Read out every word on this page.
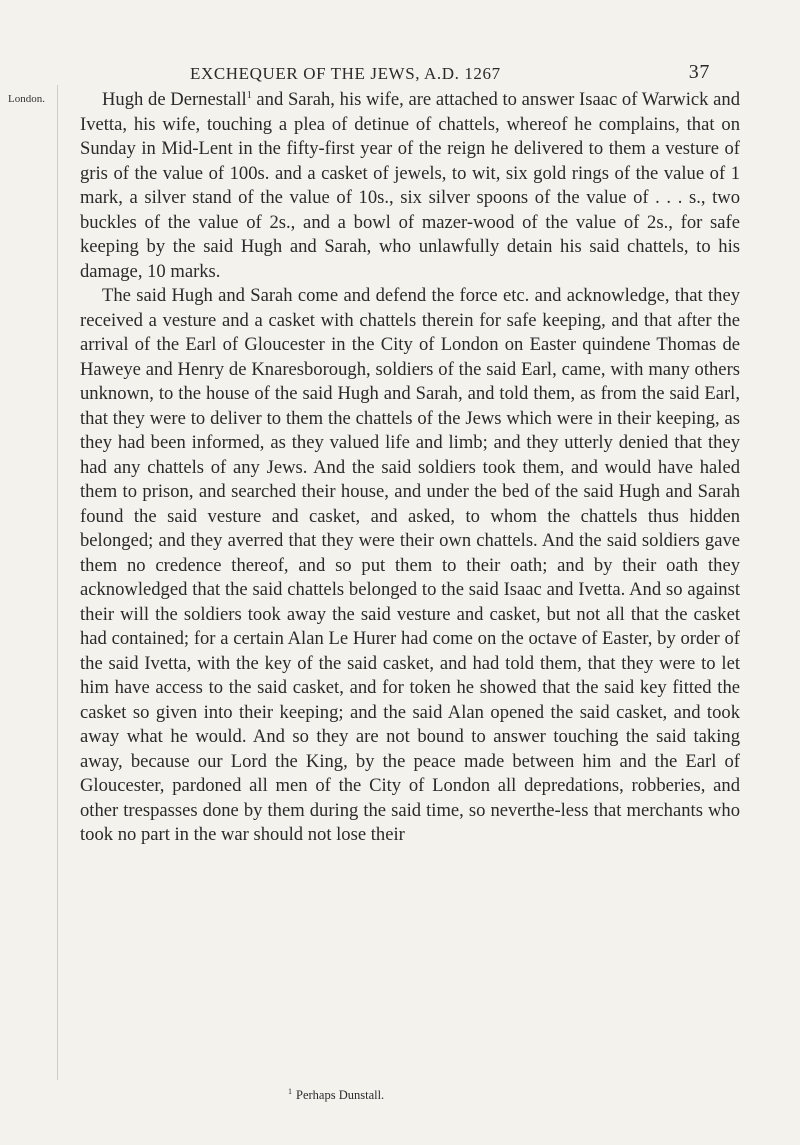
EXCHEQUER OF THE JEWS, A.D. 1267	37
London.	Hugh de Dernestall$^1$ and Sarah, his wife, are attached to answer Isaac of Warwick and Ivetta, his wife, touching a plea of detinue of chattels, whereof he complains, that on Sunday in Mid-Lent in the fifty-first year of the reign he delivered to them a vesture of gris of the value of 100s. and a casket of jewels, to wit, six gold rings of the value of 1 mark, a silver stand of the value of 10s., six silver spoons of the value of . . . s., two buckles of the value of 2s., and a bowl of mazer-wood of the value of 2s., for safe keeping by the said Hugh and Sarah, who unlawfully detain his said chattels, to his damage, 10 marks.

The said Hugh and Sarah come and defend the force etc. and acknowledge, that they received a vesture and a casket with chattels therein for safe keeping, and that after the arrival of the Earl of Gloucester in the City of London on Easter quindene Thomas de Haweye and Henry de Knaresborough, soldiers of the said Earl, came, with many others unknown, to the house of the said Hugh and Sarah, and told them, as from the said Earl, that they were to deliver to them the chattels of the Jews which were in their keeping, as they had been informed, as they valued life and limb; and they utterly denied that they had any chattels of any Jews. And the said soldiers took them, and would have haled them to prison, and searched their house, and under the bed of the said Hugh and Sarah found the said vesture and casket, and asked, to whom the chattels thus hidden belonged; and they averred that they were their own chattels. And the said soldiers gave them no credence thereof, and so put them to their oath; and by their oath they acknowledged that the said chattels belonged to the said Isaac and Ivetta. And so against their will the soldiers took away the said vesture and casket, but not all that the casket had contained; for a certain Alan Le Hurer had come on the octave of Easter, by order of the said Ivetta, with the key of the said casket, and had told them, that they were to let him have access to the said casket, and for token he showed that the said key fitted the casket so given into their keeping; and the said Alan opened the said casket, and took away what he would. And so they are not bound to answer touching the said taking away, because our Lord the King, by the peace made between him and the Earl of Gloucester, pardoned all men of the City of London all depredations, robberies, and other trespasses done by them during the said time, so neverthe-less that merchants who took no part in the war should not lose their

$^1$ Perhaps Dunstall.
